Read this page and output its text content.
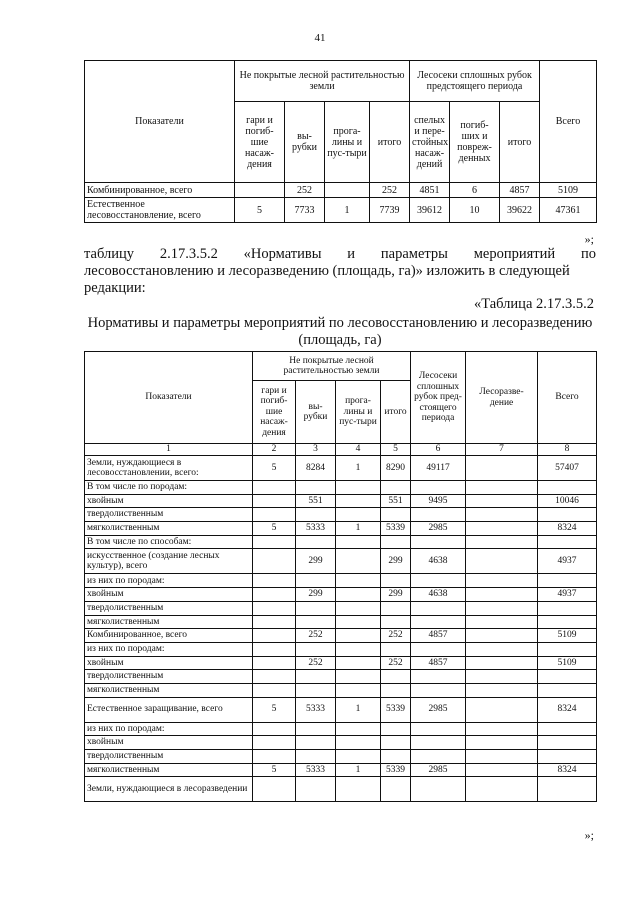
41
Показатели	Не покрытые лесной растительностью земли				Лесосеки сплошных рубок предстоящего периода			Всего
	гари и погиб-шие насаж-дения	вы-рубки	прога-лины и пус-тыри	итого	спелых и пере-стойных насаж-дений	погиб-ших и повреж-денных	итого	
Комбинированное, всего		252		252	4851	6	4857	5109
Естественное лесовосстановление, всего	5	7733	1	7739	39612	10	39622	47361
»;
таблицу 2.17.3.5.2 «Нормативы и параметры мероприятий по
лесовосстановлению и лесоразведению (площадь, га)» изложить в следующей
редакции:
«Таблица 2.17.3.5.2
Нормативы и параметры мероприятий по лесовосстановлению и лесоразведению (площадь, га)
Показатели	Не покрытые лесной растительностью земли				Лесосеки сплошных рубок пред-стоящего периода	Лесоразве-дение	Всего
	гари и погиб-шие насаж-дения	вы-рубки	прога-лины и пус-тыри	итого			
1	2	3	4	5	6	7	8
Земли, нуждающиеся в лесовосстановлении, всего:	5	8284	1	8290	49117		57407
В том числе по породам:							
хвойным		551		551	9495		10046
твердолиственным							
мягколиственным	5	5333	1	5339	2985		8324
В том числе по способам:							
искусственное (создание лесных культур), всего		299		299	4638		4937
из них по породам:							
хвойным		299		299	4638		4937
твердолиственным							
мягколиственным							
Комбинированное, всего		252		252	4857		5109
из них по породам:							
хвойным		252		252	4857		5109
твердолиственным							
мягколиственным							
Естественное заращивание, всего	5	5333	1	5339	2985		8324
из них по породам:							
хвойным							
твердолиственным							
мягколиственным	5	5333	1	5339	2985		8324
Земли, нуждающиеся в лесоразведении							
»;
